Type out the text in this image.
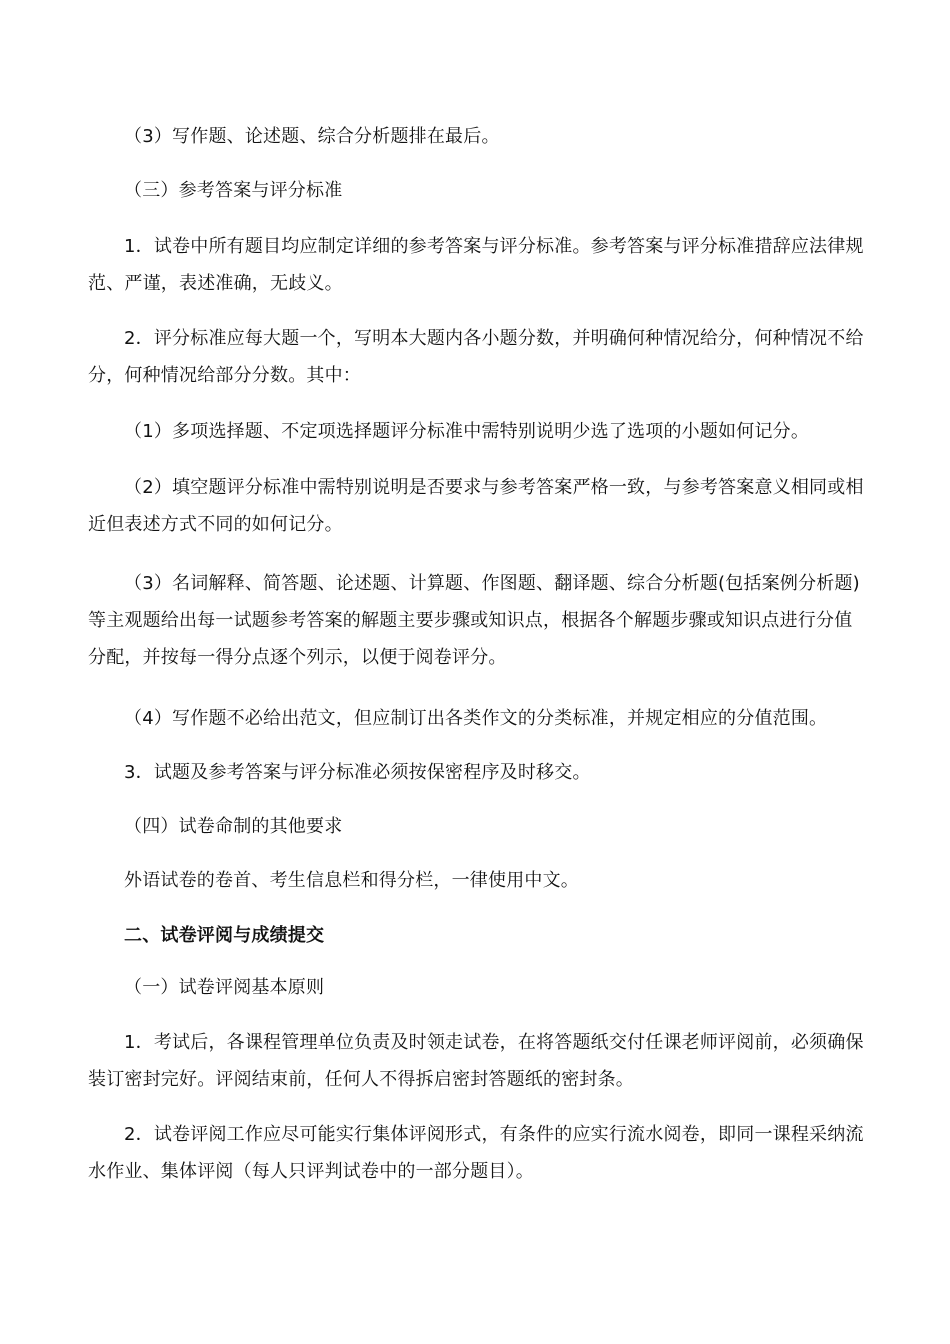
（3）写作题、论述题、综合分析题排在最后。

（三）参考答案与评分标准

1．试卷中所有题目均应制定详细的参考答案与评分标准。参考答案与评分标准措辞应法律规范、严谨，表述准确，无歧义。

2．评分标准应每大题一个，写明本大题内各小题分数，并明确何种情况给分，何种情况不给分，何种情况给部分分数。其中：

（1）多项选择题、不定项选择题评分标准中需特别说明少选了选项的小题如何记分。

（2）填空题评分标准中需特别说明是否要求与参考答案严格一致，与参考答案意义相同或相近但表述方式不同的如何记分。

（3）名词解释、简答题、论述题、计算题、作图题、翻译题、综合分析题(包括案例分析题)等主观题给出每一试题参考答案的解题主要步骤或知识点，根据各个解题步骤或知识点进行分值分配，并按每一得分点逐个列示，以便于阅卷评分。

（4）写作题不必给出范文，但应制订出各类作文的分类标准，并规定相应的分值范围。

3．试题及参考答案与评分标准必须按保密程序及时移交。

（四）试卷命制的其他要求

外语试卷的卷首、考生信息栏和得分栏，一律使用中文。

二、试卷评阅与成绩提交

（一）试卷评阅基本原则

1．考试后，各课程管理单位负责及时领走试卷，在将答题纸交付任课老师评阅前，必须确保装订密封完好。评阅结束前，任何人不得拆启密封答题纸的密封条。

2．试卷评阅工作应尽可能实行集体评阅形式，有条件的应实行流水阅卷，即同一课程采纳流水作业、集体评阅（每人只评判试卷中的一部分题目）。
